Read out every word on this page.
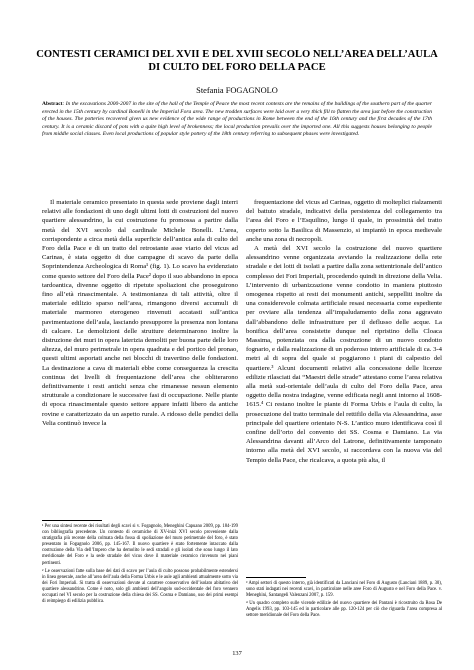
CONTESTI CERAMICI DEL XVII E DEL XVIII SECOLO NELL’AREA DELL’AULA DI CULTO DEL FORO DELLA PACE
Stefania FOGAGNOLO
Abstract: In the excavations 2000-2007 in the site of the hall of the Temple of Peace the most recent contexts are the remains of the buildings of the southern part of the quarter erected in the 15th century by cardinal Bonelli in the Imperial Fora area. The new trodden surfaces were laid over a very thick fill to flatten the area just before the construction of the houses. The potteries recovered given us new evidence of the wide range of productions in Rome between the end of the 16th century and the first decades of the 17th century. It is a ceramic discard of pots with a quite high level of brokenness; the local production prevails over the imported one. All this suggests houses belonging to people from middle social classes. Even local productions of popular style pottery of the 18th century referring to subsequent phases were investigated.

Il materiale ceramico presentato in questa sede proviene dagli interri relativi alle fondazioni di uno degli ultimi lotti di costruzioni del nuovo quartiere alessandrino, la cui costruzione fu promossa a partire dalla metà del XVI secolo dal cardinale Michele Bonelli. L’area, corrispondente a circa metà della superficie dell’antica aula di culto del Foro della Pace e di un tratto del retrostante asse viario del vicus ad Carinas, è stata oggetto di due campagne di scavo da parte della Soprintendenza Archeologica di Roma¹ (fig. 1). Lo scavo ha evidenziato come questo settore del Foro della Pace² dopo il suo abbandono in epoca tardoantica, divenne oggetto di ripetute spoliazioni che proseguirono fino all’età rinascimentale. A testimonianza di tali attività, oltre il materiale edilizio sparso nell’area, rimangono diversi accumuli di materiale marmoreo eterogeneo rinvenuti accatasti sull’antica pavimentazione dell’aula, lasciando presupporre la presenza non lontana di calcare. Le demolizioni delle strutture determinarono inoltre la distruzione dei muri in opera laterizia demoliti per buona parte delle loro altezza, del muro perimetrale in opera quadrata e del portico del pronao, questi ultimi asportati anche nei blocchi di travertino delle fondazioni. La destinazione a cava di materiali ebbe come conseguenza la crescita continua dei livelli di frequentazione dell’area che obliterarono definitivamente i resti antichi senza che rimanesse nessun elemento strutturale a condizionare le successive fasi di occupazione. Nelle piante di epoca rinascimentale questo settore appare infatti libero da antiche rovine e caratterizzato da un aspetto rurale. A ridosso delle pendici della Velia continuò invece la

frequentazione del vicus ad Carinas, oggetto di molteplici rialzamenti del battuto stradale, indicativi della persistenza del collegamento tra l’area del Foro e l’Esquilino, lungo il quale, in prossimità del tratto coperto sotto la Basilica di Massenzio, si impiantò in epoca medievale anche una zona di necropoli.

A metà del XVI secolo la costruzione del nuovo quartiere alessandrino venne organizzata avviando la realizzazione della rete stradale e dei lotti di isolati a partire dalla zona settentrionale dell’antico complesso dei Fori Imperiali, procedendo quindi in direzione della Velia. L’intervento di urbanizzazione venne condotto in maniera piuttosto omogenea rispetto ai resti dei monumenti antichi, seppelliti inoltre da una considerevole colmata artificiale resasi necessaria come espediente per ovviare alla tendenza all’impaludamento della zona aggravato dall’abbandono delle infrastrutture per il deflusso delle acque. La bonifica dell’area consistette dunque nel ripristino della Cloaca Massima, potenziata ora dalla costruzione di un nuovo condotto fognario, e dalla realizzazione di un poderoso interro artificiale di ca. 3-4 metri al di sopra del quale si poggiarono i piani di calpestio del quartiere.³ Alcuni documenti relativi alla concessione delle licenze edilizie rilasciati dai “Maestri delle strade” attestano come l’area relativa alla metà sud-orientale dell’aula di culto del Foro della Pace, area oggetto della nostra indagine, venne edificata negli anni intorno al 1608-1615.⁴ Ci restano inoltre le piante di Forma Urbis e l’aula di culto, la prosecuzione del tratto terminale del rettifilo della via Alessandrina, asse principale del quartiere orientato N-S. L’antico muro identificava così il confine dell’orto del convento dei SS. Cosma e Damiano. La via Alessandrina davanti all’Arco del Latrone, definitivamente tamponato intorno alla metà del XVI secolo, si raccordava con la nuova via del Tempio della Pace, che ricalcava, a quota più alta, il

¹ Per una sintesi recente dei risultati degli scavi si v. Fogagnolo, Meneghini Capuano 2009, pp. 184-199 con bibliografia precedente. Un contesto di ceramiche di XV-inizi XVI secolo proveniente dalla stratigrafia più recente della colmata della fossa di spoliazione del muro perimetrale del foro, è stato presentato in Fogagnolo 2006, pp. 145-167. Il nuovo quartiere è stato fortemente intaccato dalla costruzione della Via dell’Impero che ha demolito le sedi stradali e gli isolati che sono lungo il lato meridionale del Foro e la sede stradale del vicus dove il materiale ceramico rinvenuto nei piani pertinenti.

² Le osservazioni fatte sulla base dei dati di scavo per l’aula di culto possono probabilmente estendersi in linea generale, anche all’area dell’aula della Forma Urbis e le aule agli ambienti attualmente sotto via dei Fori Imperiali. Si tratta di osservazioni dovute al carattere conservativo dell’isolato abitativo del quartiere alessandrino. Come è noto, solo gli ambienti dell’angolo sud-occidentale del foro vennero occupati nel VI secolo per la costruzione della chiesa dei SS. Cosma e Damiano, uso dei primi esempi di reimpiego di edilizia pubblica.

³ Ampi settori di questo interro, già identificati da Lanciani nel Foro di Augusto (Lanciani 1889, p. 30), sono stati indagati nei recenti scavi, in particolare nelle aree Foro di Augusto e nel Foro della Pace. v. Meneghini, Santangeli Valenzani 2007, p. 159.

⁴ Un quadro completo sulle vicende edilizie del nuovo quartiere dei Pantani è ricostruito da Rosa De Angelis 1993, pp. 103-145 ed in particolare alle pp. 120-124 per ciò che riguarda l’area compresa al settore meridionale del Foro della Pace.

137
